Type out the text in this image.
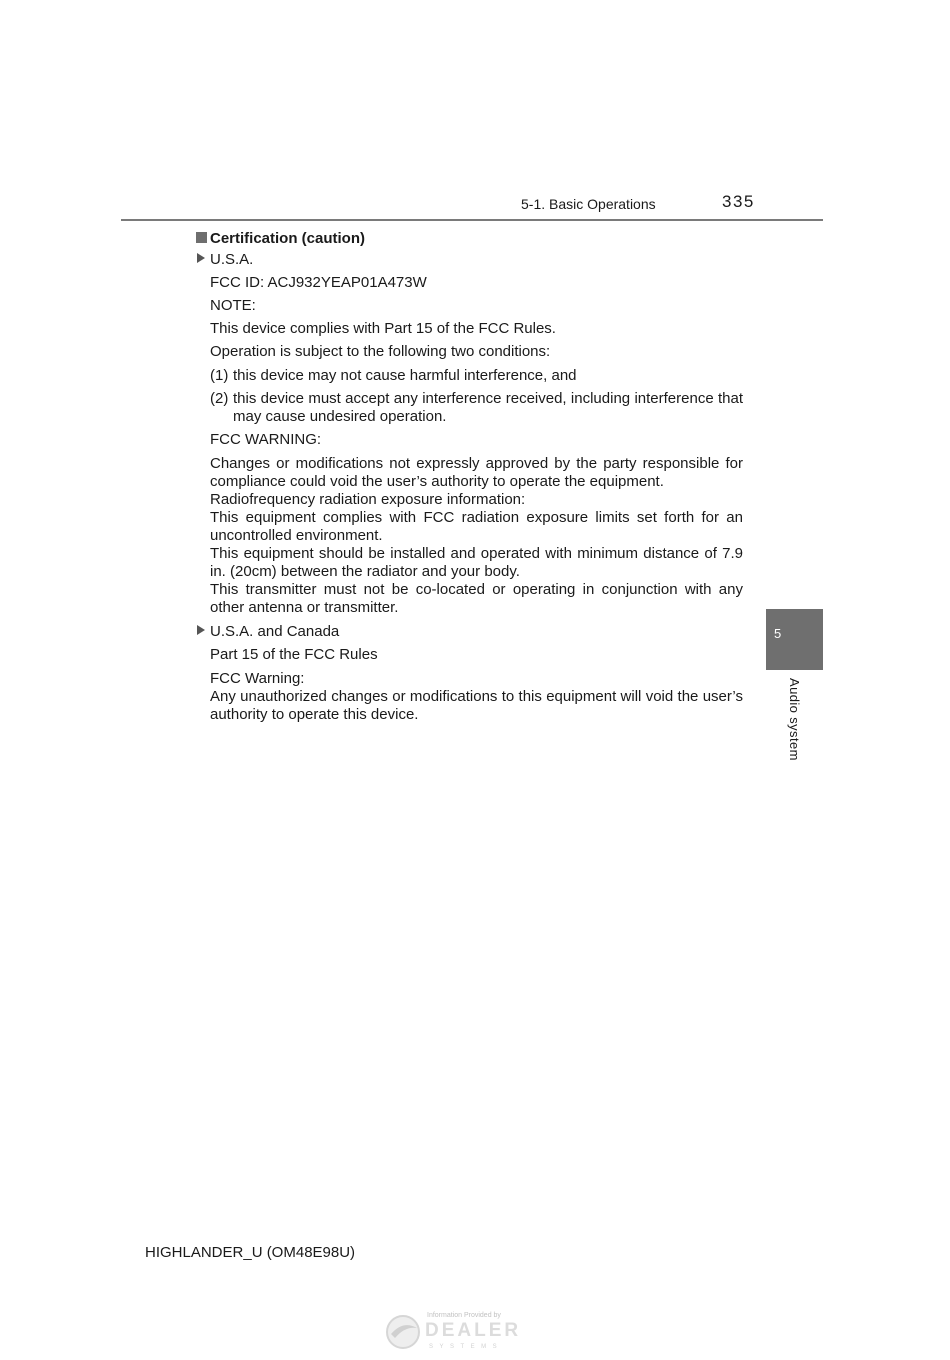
5-1. Basic Operations	335
Certification (caution)
U.S.A.

FCC ID: ACJ932YEAP01A473W

NOTE:

This device complies with Part 15 of the FCC Rules.

Operation is subject to the following two conditions:

(1) this device may not cause harmful interference, and
(2) this device must accept any interference received, including interference that may cause undesired operation.

FCC WARNING:

Changes or modifications not expressly approved by the party responsible for compliance could void the user’s authority to operate the equipment.
Radiofrequency radiation exposure information:
This equipment complies with FCC radiation exposure limits set forth for an uncontrolled environment.
This equipment should be installed and operated with minimum distance of 7.9 in. (20cm) between the radiator and your body.
This transmitter must not be co-located or operating in conjunction with any other antenna or transmitter.
U.S.A. and Canada

Part 15 of the FCC Rules

FCC Warning:
Any unauthorized changes or modifications to this equipment will void the user’s authority to operate this device.
5
Audio system
HIGHLANDER_U (OM48E98U)
Information Provided by
DEALER
SYSTEMS
